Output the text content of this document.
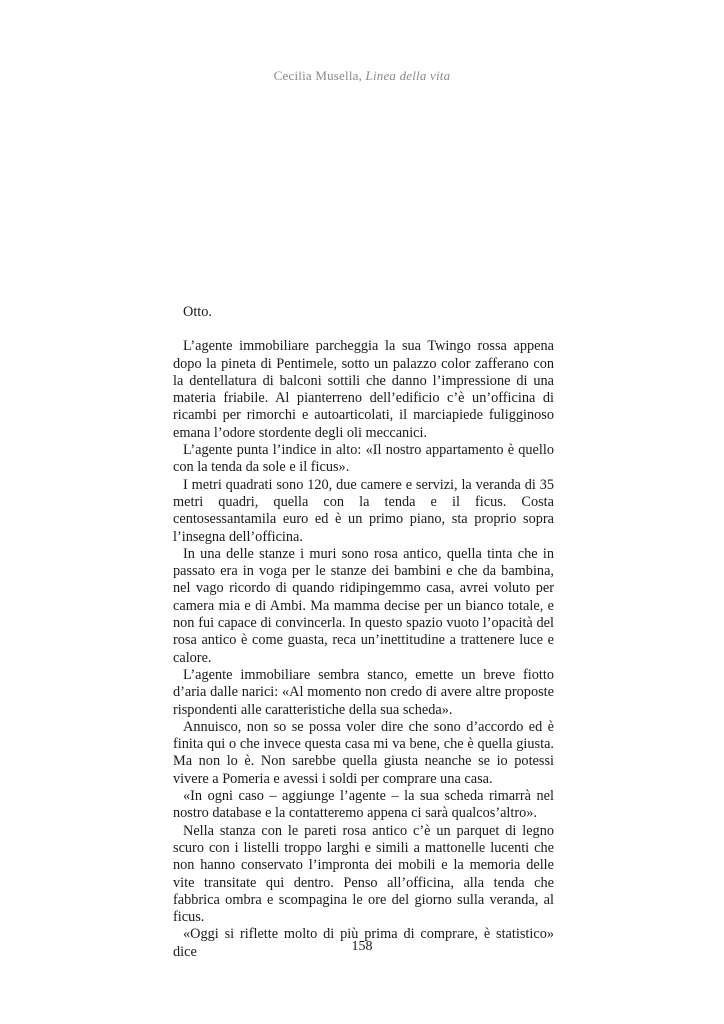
Cecilia Musella, Linea della vita

Otto.

L’agente immobiliare parcheggia la sua Twingo rossa appena dopo la pineta di Pentimele, sotto un palazzo color zafferano con la dentellatura di balconi sottili che danno l’impressione di una materia friabile. Al pianterreno dell’edificio c’è un’officina di ricambi per rimorchi e autoarticolati, il marciapiede fuligginoso emana l’odore stordente degli oli meccanici.

L’agente punta l’indice in alto: «Il nostro appartamento è quello con la tenda da sole e il ficus».

I metri quadrati sono 120, due camere e servizi, la veranda di 35 metri quadri, quella con la tenda e il ficus. Costa centosessantamila euro ed è un primo piano, sta proprio sopra l’insegna dell’officina.

In una delle stanze i muri sono rosa antico, quella tinta che in passato era in voga per le stanze dei bambini e che da bambina, nel vago ricordo di quando ridipingemmo casa, avrei voluto per camera mia e di Ambi. Ma mamma decise per un bianco totale, e non fui capace di convincerla. In questo spazio vuoto l’opacità del rosa antico è come guasta, reca un’inettitudine a trattenere luce e calore.

L’agente immobiliare sembra stanco, emette un breve fiotto d’aria dalle narici: «Al momento non credo di avere altre proposte rispondenti alle caratteristiche della sua scheda».

Annuisco, non so se possa voler dire che sono d’accordo ed è finita qui o che invece questa casa mi va bene, che è quella giusta. Ma non lo è. Non sarebbe quella giusta neanche se io potessi vivere a Pomeria e avessi i soldi per comprare una casa.

«In ogni caso – aggiunge l’agente – la sua scheda rimarrà nel nostro database e la contatteremo appena ci sarà qualcos’altro».

Nella stanza con le pareti rosa antico c’è un parquet di legno scuro con i listelli troppo larghi e simili a mattonelle lucenti che non hanno conservato l’impronta dei mobili e la memoria delle vite transitate qui dentro. Penso all’officina, alla tenda che fabbrica ombra e scompagina le ore del giorno sulla veranda, al ficus.

«Oggi si riflette molto di più prima di comprare, è statistico» dice	158
